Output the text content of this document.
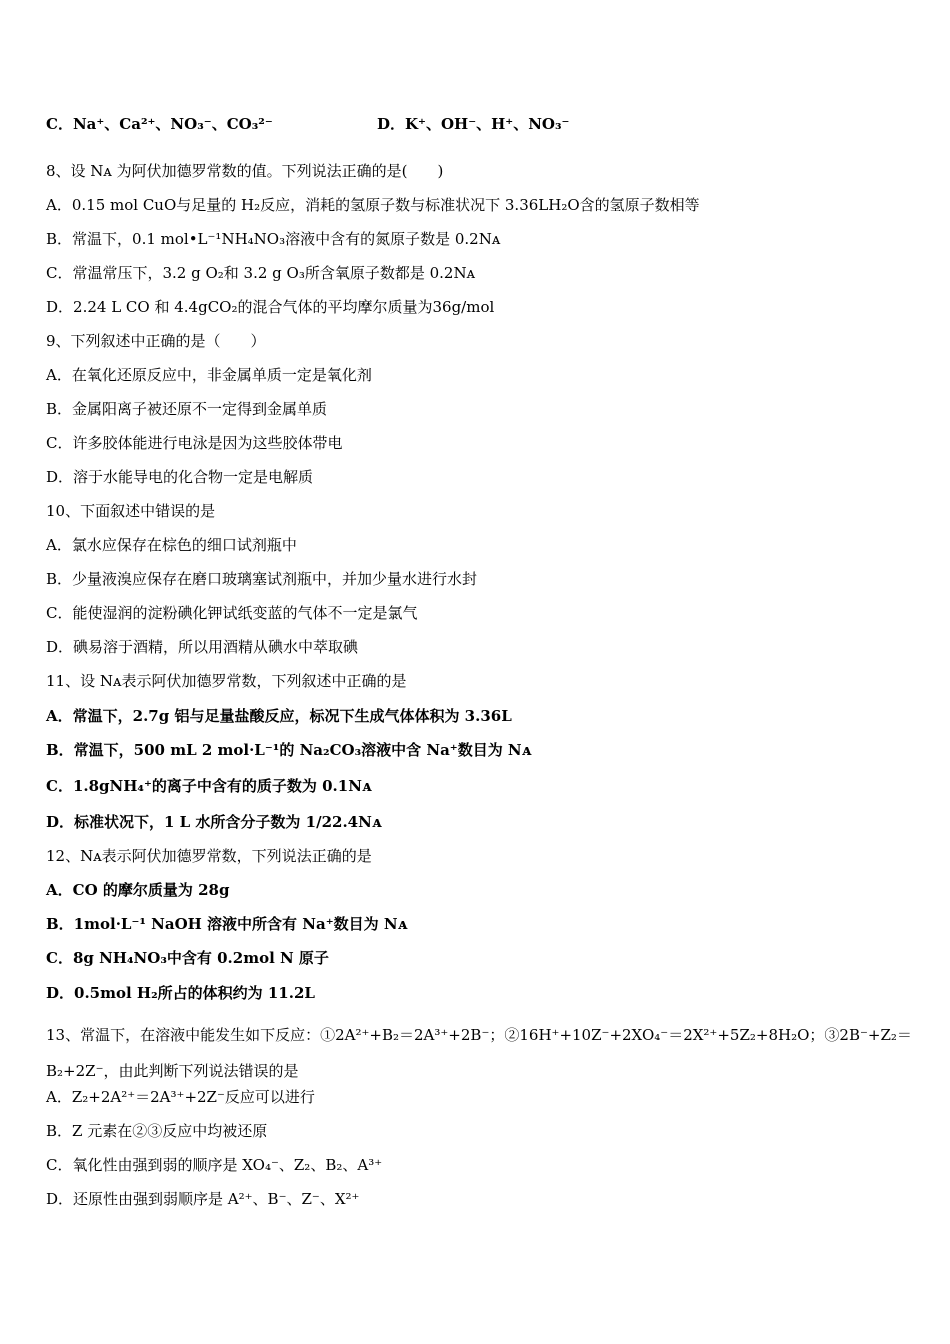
C．Na⁺、Ca²⁺、NO₃⁻、CO₃²⁻	D．K⁺、OH⁻、H⁺、NO₃⁻
8、设 Nᴀ 为阿伏加德罗常数的值。下列说法正确的是(　　)
A．0.15 mol CuO与足量的 H₂反应，消耗的氢原子数与标准状况下 3.36LH₂O含的氢原子数相等
B．常温下，0.1 mol•L⁻¹NH₄NO₃溶液中含有的氮原子数是 0.2Nᴀ
C．常温常压下，3.2 g O₂和 3.2 g O₃所含氧原子数都是 0.2Nᴀ
D．2.24 L CO 和 4.4gCO₂的混合气体的平均摩尔质量为36g/mol
9、下列叙述中正确的是（　　）
A．在氧化还原反应中，非金属单质一定是氧化剂
B．金属阳离子被还原不一定得到金属单质
C．许多胶体能进行电泳是因为这些胶体带电
D．溶于水能导电的化合物一定是电解质
10、下面叙述中错误的是
A．氯水应保存在棕色的细口试剂瓶中
B．少量液溴应保存在磨口玻璃塞试剂瓶中，并加少量水进行水封
C．能使湿润的淀粉碘化钾试纸变蓝的气体不一定是氯气
D．碘易溶于酒精，所以用酒精从碘水中萃取碘
11、设 Nᴀ表示阿伏加德罗常数，下列叙述中正确的是
A．常温下，2.7g 铝与足量盐酸反应，标况下生成气体体积为 3.36L
B．常温下，500 mL 2 mol·L⁻¹的 Na₂CO₃溶液中含 Na⁺数目为 Nᴀ
C．1.8gNH₄⁺的离子中含有的质子数为 0.1Nᴀ
D．标准状况下，1 L 水所含分子数为 1/22.4Nᴀ
12、Nᴀ表示阿伏加德罗常数，下列说法正确的是
A．CO 的摩尔质量为 28g
B．1mol·L⁻¹ NaOH 溶液中所含有 Na⁺数目为 Nᴀ
C．8g NH₄NO₃中含有 0.2mol N 原子
D．0.5mol H₂所占的体积约为 11.2L
13、常温下，在溶液中能发生如下反应：①2A²⁺+B₂＝2A³⁺+2B⁻；②16H⁺+10Z⁻+2XO₄⁻＝2X²⁺+5Z₂+8H₂O；③2B⁻+Z₂＝B₂+2Z⁻，由此判断下列说法错误的是
A．Z₂+2A²⁺＝2A³⁺+2Z⁻反应可以进行
B．Z 元素在②③反应中均被还原
C．氧化性由强到弱的顺序是 XO₄⁻、Z₂、B₂、A³⁺
D．还原性由强到弱顺序是 A²⁺、B⁻、Z⁻、X²⁺
